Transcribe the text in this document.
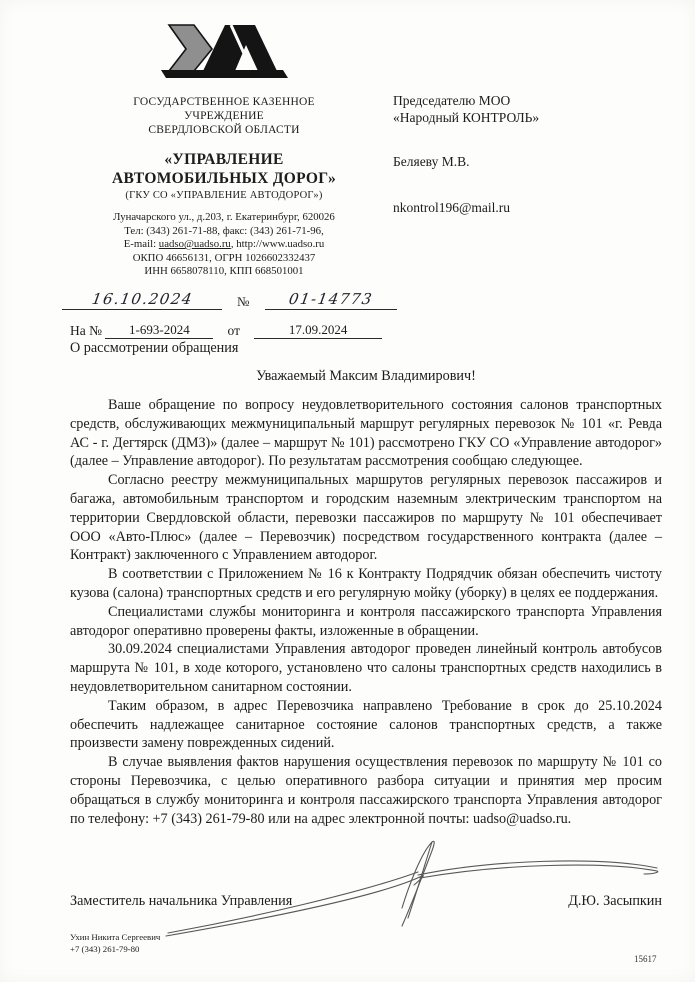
ГОСУДАРСТВЕННОЕ КАЗЕННОЕ
УЧРЕЖДЕНИЕ
СВЕРДЛОВСКОЙ ОБЛАСТИ
«УПРАВЛЕНИЕ
АВТОМОБИЛЬНЫХ ДОРОГ»
(ГКУ СО «УПРАВЛЕНИЕ АВТОДОРОГ»)
Луначарского ул., д.203, г. Екатеринбург, 620026
Тел: (343) 261-71-88, факс: (343) 261-71-96,
E-mail: uadso@uadso.ru, http://www.uadso.ru
ОКПО 46656131, ОГРН 1026602332437
ИНН 6658078110, КПП 668501001
Председателю МОО
«Народный КОНТРОЛЬ»
Беляеву М.В.
nkontrol196@mail.ru
16.10.2024	№	01-14773
На № 1-693-2024	от	17.09.2024
О рассмотрении обращения
Уважаемый Максим Владимирович!

Ваше обращение по вопросу неудовлетворительного состояния салонов транспортных средств, обслуживающих межмуниципальный маршрут регулярных перевозок № 101 «г. Ревда АС - г. Дегтярск (ДМЗ)» (далее – маршрут № 101) рассмотрено ГКУ СО «Управление автодорог» (далее – Управление автодорог). По результатам рассмотрения сообщаю следующее.

Согласно реестру межмуниципальных маршрутов регулярных перевозок пассажиров и багажа, автомобильным транспортом и городским наземным электрическим транспортом на территории Свердловской области, перевозки пассажиров по маршруту № 101 обеспечивает ООО «Авто-Плюс» (далее – Перевозчик) посредством государственного контракта (далее – Контракт) заключенного с Управлением автодорог.

В соответствии с Приложением № 16 к Контракту Подрядчик обязан обеспечить чистоту кузова (салона) транспортных средств и его регулярную мойку (уборку) в целях ее поддержания.

Специалистами службы мониторинга и контроля пассажирского транспорта Управления автодорог оперативно проверены факты, изложенные в обращении.

30.09.2024 специалистами Управления автодорог проведен линейный контроль автобусов маршрута № 101, в ходе которого, установлено что салоны транспортных средств находились в неудовлетворительном санитарном состоянии.

Таким образом, в адрес Перевозчика направлено Требование в срок до 25.10.2024 обеспечить надлежащее санитарное состояние салонов транспортных средств, а также произвести замену поврежденных сидений.

В случае выявления фактов нарушения осуществления перевозок по маршруту № 101 со стороны Перевозчика, с целью оперативного разбора ситуации и принятия мер просим обращаться в службу мониторинга и контроля пассажирского транспорта Управления автодорог по телефону: +7 (343) 261-79-80 или на адрес электронной почты: uadso@uadso.ru.

Заместитель начальника Управления	Д.Ю. Засыпкин
Ухин Никита Сергеевич
+7 (343) 261-79-80
15617
